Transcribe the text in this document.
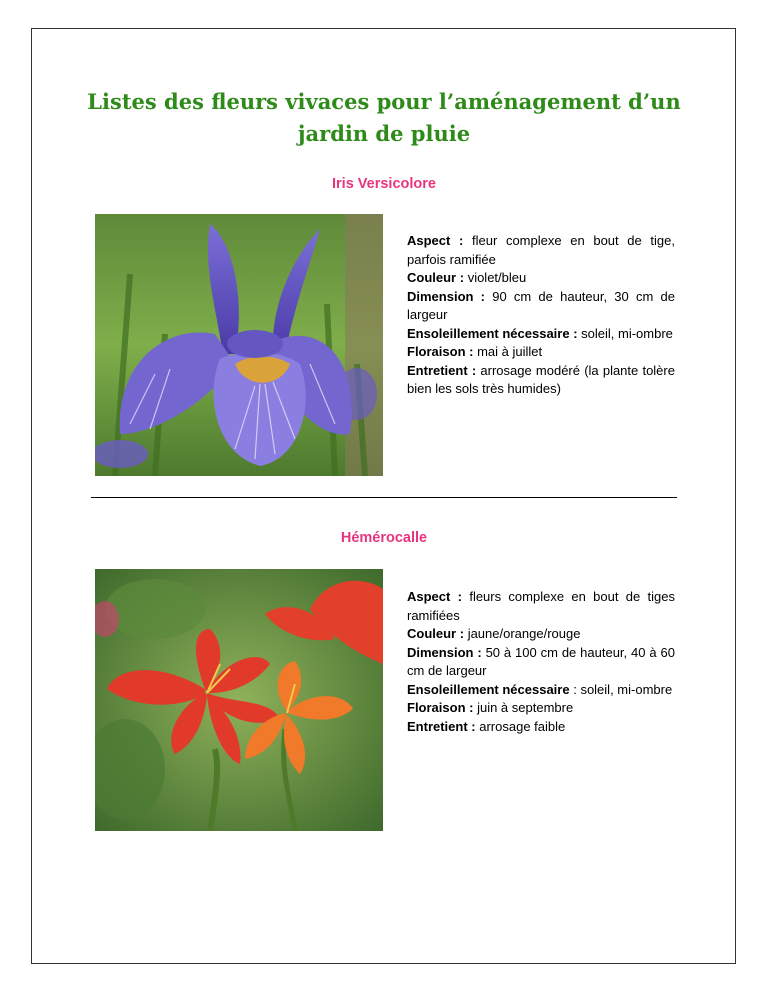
Listes des fleurs vivaces pour l’aménagement d’un jardin de pluie
Iris Versicolore

Aspect : fleur complexe en bout de tige, parfois ramifiée
Couleur : violet/bleu
Dimension : 90 cm de hauteur, 30 cm de largeur
Ensoleillement nécessaire : soleil, mi-ombre
Floraison : mai à juillet
Entretient : arrosage modéré (la plante tolère bien les sols très humides)

Hémérocalle

Aspect : fleurs complexe en bout de tiges ramifiées
Couleur : jaune/orange/rouge
Dimension : 50 à 100 cm de hauteur, 40 à 60 cm de largeur
Ensoleillement nécessaire : soleil, mi-ombre
Floraison : juin à septembre
Entretient : arrosage faible
